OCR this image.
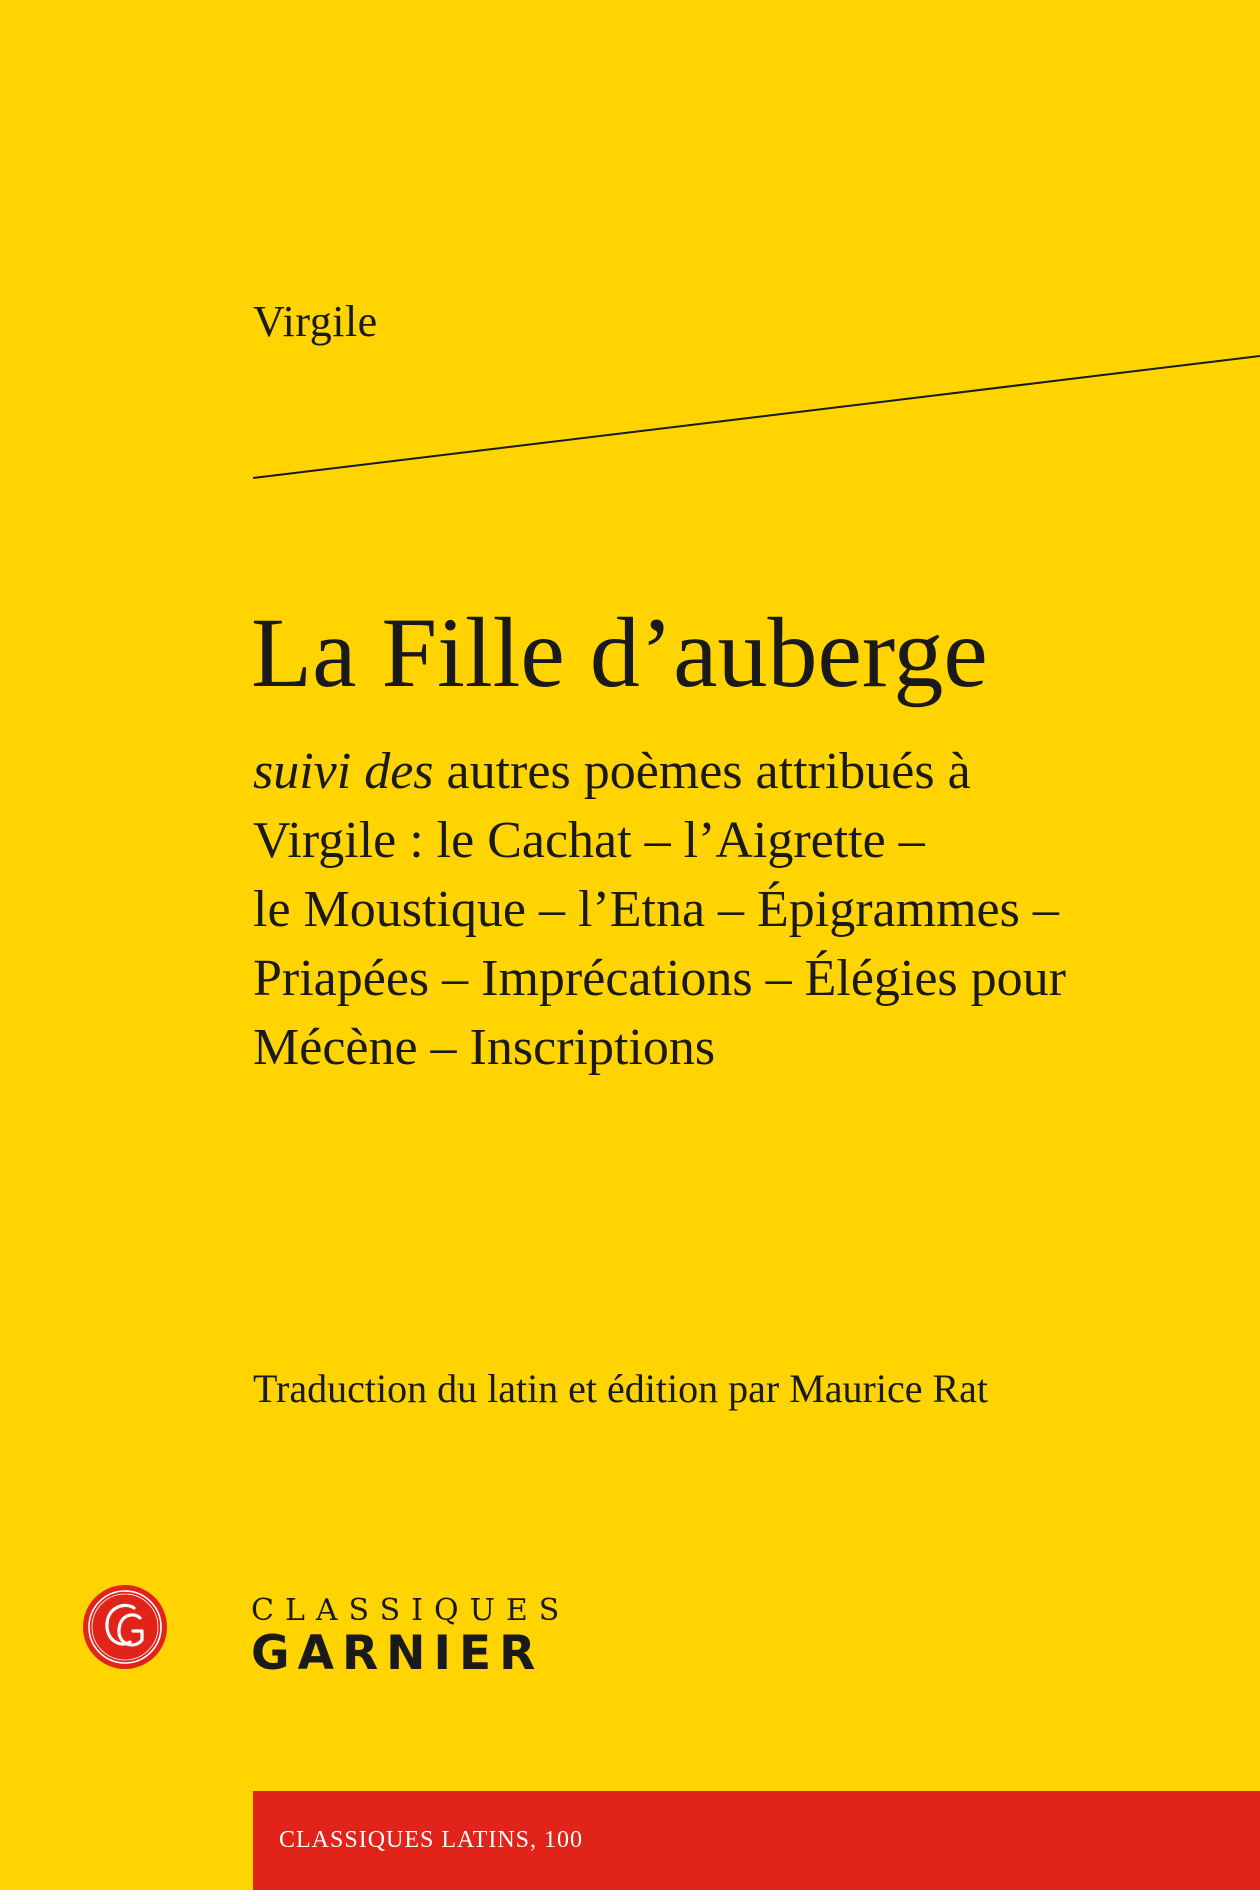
Virgile
La Fille d’auberge
suivi des autres poèmes attribués à
Virgile : le Cachat – l’Aigrette –
le Moustique – l’Etna – Épigrammes –
Priapées – Imprécations – Élégies pour
Mécène – Inscriptions
Traduction du latin et édition par Maurice Rat
CLASSIQUES
GARNIER
CLASSIQUES LATINS, 100
